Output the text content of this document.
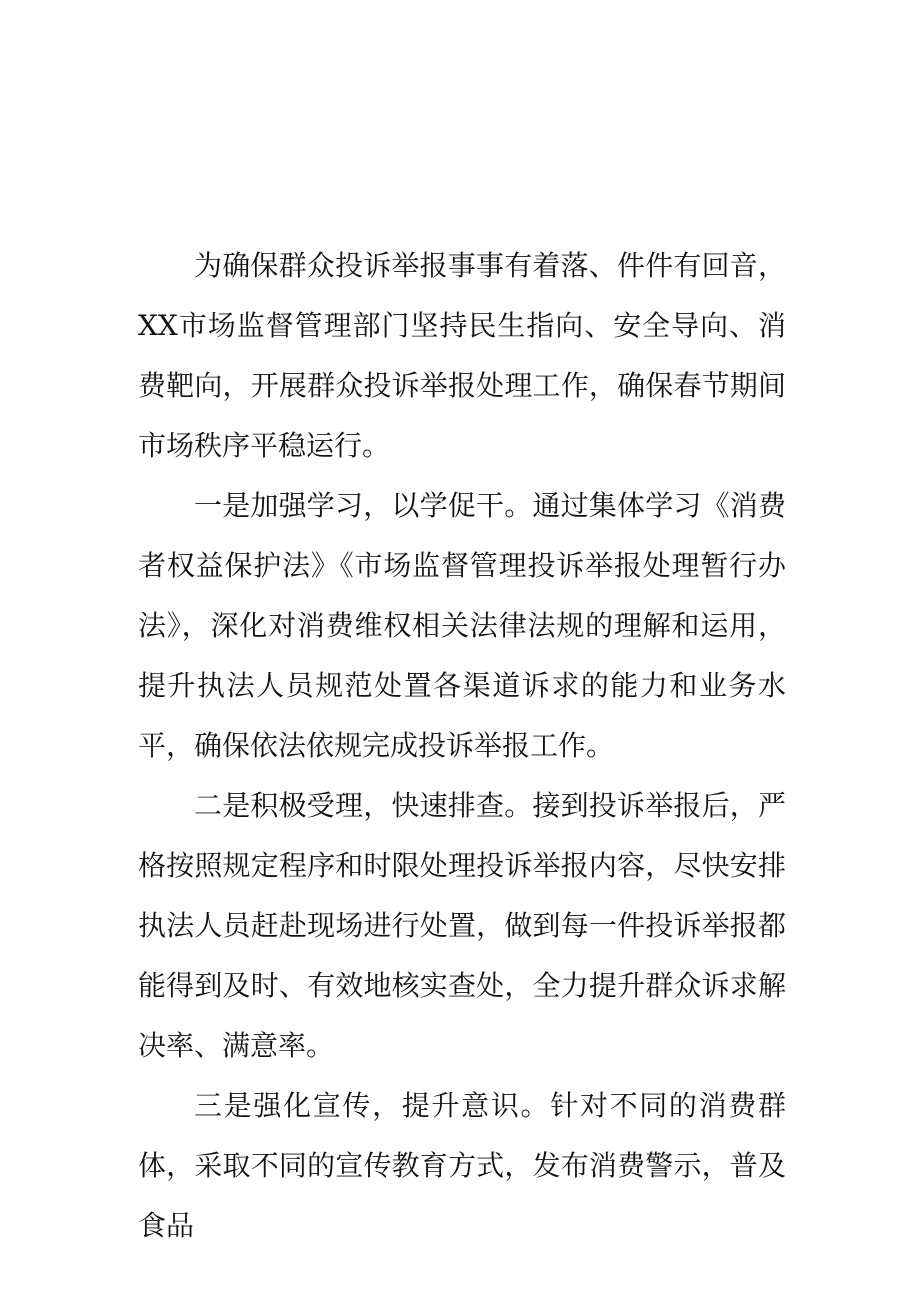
为确保群众投诉举报事事有着落、件件有回音，XX市场监督管理部门坚持民生指向、安全导向、消费靶向，开展群众投诉举报处理工作，确保春节期间市场秩序平稳运行。

一是加强学习，以学促干。通过集体学习《消费者权益保护法》《市场监督管理投诉举报处理暂行办法》，深化对消费维权相关法律法规的理解和运用，提升执法人员规范处置各渠道诉求的能力和业务水平，确保依法依规完成投诉举报工作。

二是积极受理，快速排查。接到投诉举报后，严格按照规定程序和时限处理投诉举报内容，尽快安排执法人员赶赴现场进行处置，做到每一件投诉举报都能得到及时、有效地核实查处，全力提升群众诉求解决率、满意率。

三是强化宣传，提升意识。针对不同的消费群体，采取不同的宣传教育方式，发布消费警示，普及食品
